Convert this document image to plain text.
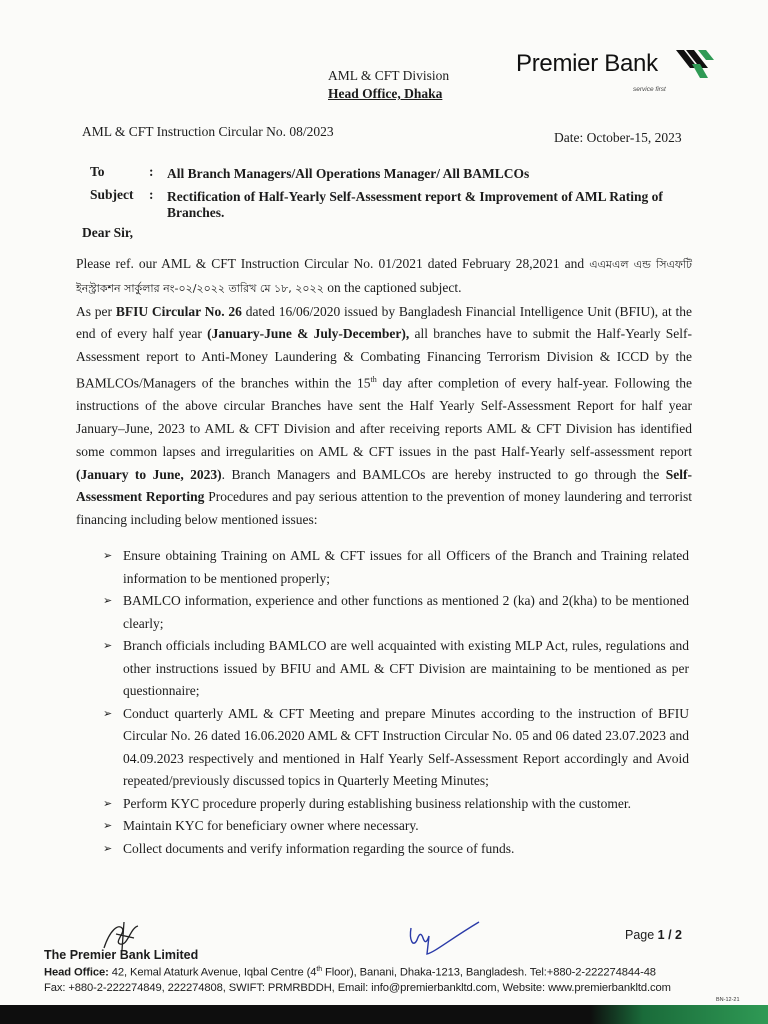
AML & CFT Division
Head Office, Dhaka
Premier Bank
service first
AML & CFT Instruction Circular No. 08/2023	Date: October-15, 2023
To	: All Branch Managers/All Operations Manager/ All BAMLCOs
Subject : Rectification of Half-Yearly Self-Assessment report & Improvement of AML Rating of Branches.
Dear Sir,

Please ref. our AML & CFT Instruction Circular No. 01/2021 dated February 28,2021 and এএমএল এন্ড সিএফটি ইনস্ট্রাকশন সার্কুলার নং-০২/২০২২ তারিখ মে ১৮, ২০২২ on the captioned subject.

As per BFIU Circular No. 26 dated 16/06/2020 issued by Bangladesh Financial Intelligence Unit (BFIU), at the end of every half year (January-June & July-December), all branches have to submit the Half-Yearly Self-Assessment report to Anti-Money Laundering & Combating Financing Terrorism Division & ICCD by the BAMLCOs/Managers of the branches within the 15th day after completion of every half-year. Following the instructions of the above circular Branches have sent the Half Yearly Self-Assessment Report for half year January–June, 2023 to AML & CFT Division and after receiving reports AML & CFT Division has identified some common lapses and irregularities on AML & CFT issues in the past Half-Yearly self-assessment report (January to June, 2023). Branch Managers and BAMLCOs are hereby instructed to go through the Self-Assessment Reporting Procedures and pay serious attention to the prevention of money laundering and terrorist financing including below mentioned issues:

➢ Ensure obtaining Training on AML & CFT issues for all Officers of the Branch and Training related information to be mentioned properly;
➢ BAMLCO information, experience and other functions as mentioned 2 (ka) and 2(kha) to be mentioned clearly;
➢ Branch officials including BAMLCO are well acquainted with existing MLP Act, rules, regulations and other instructions issued by BFIU and AML & CFT Division are maintaining to be mentioned as per questionnaire;
➢ Conduct quarterly AML & CFT Meeting and prepare Minutes according to the instruction of BFIU Circular No. 26 dated 16.06.2020 AML & CFT Instruction Circular No. 05 and 06 dated 23.07.2023 and 04.09.2023 respectively and mentioned in Half Yearly Self-Assessment Report accordingly and Avoid repeated/previously discussed topics in Quarterly Meeting Minutes;
➢ Perform KYC procedure properly during establishing business relationship with the customer.
➢ Maintain KYC for beneficiary owner where necessary.
➢ Collect documents and verify information regarding the source of funds.
The Premier Bank Limited
Page 1 / 2
Head Office: 42, Kemal Ataturk Avenue, Iqbal Centre (4th Floor), Banani, Dhaka-1213, Bangladesh. Tel:+880-2-222274844-48
Fax: +880-2-222274849, 222274808, SWIFT: PRMRBDDH, Email: info@premierbankltd.com, Website: www.premierbankltd.com
BN-12-21
